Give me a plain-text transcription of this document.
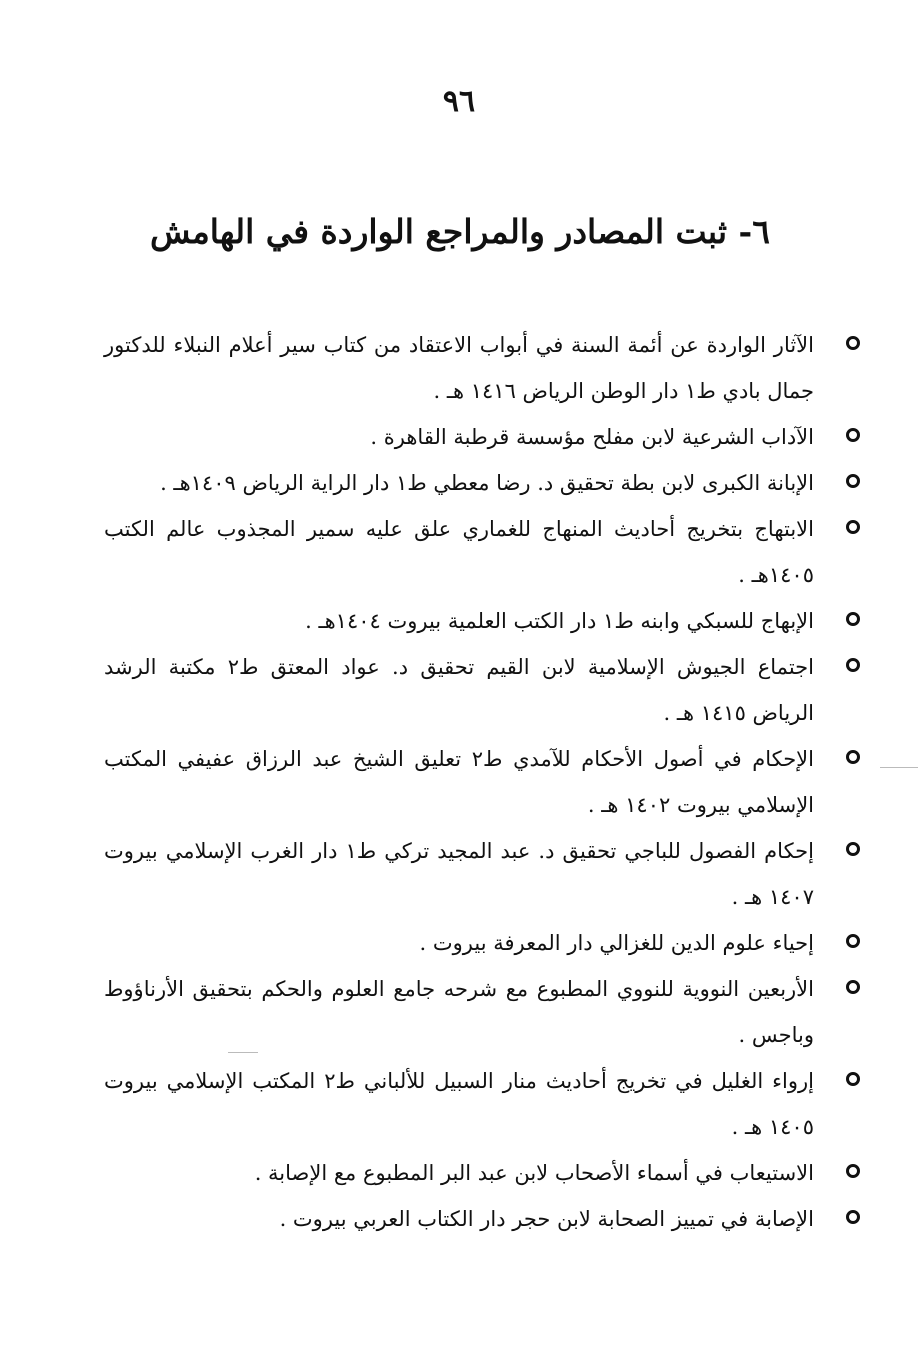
٩٦
٦- ثبت المصادر والمراجع الواردة في الهامش
الآثار الواردة عن أئمة السنة في أبواب الاعتقاد من كتاب سير أعلام النبلاء للدكتور جمال بادي ط١ دار الوطن الرياض ١٤١٦ هـ .
الآداب الشرعية لابن مفلح مؤسسة قرطبة القاهرة .
الإبانة الكبرى لابن بطة تحقيق د. رضا معطي ط١ دار الراية الرياض ١٤٠٩هـ .
الابتهاج بتخريج أحاديث المنهاج للغماري علق عليه سمير المجذوب عالم الكتب ١٤٠٥هـ .
الإبهاج للسبكي وابنه ط١ دار الكتب العلمية بيروت ١٤٠٤هـ .
اجتماع الجيوش الإسلامية لابن القيم تحقيق د. عواد المعتق ط٢ مكتبة الرشد الرياض ١٤١٥ هـ .
الإحكام في أصول الأحكام للآمدي ط٢ تعليق الشيخ عبد الرزاق عفيفي المكتب الإسلامي بيروت ١٤٠٢ هـ .
إحكام الفصول للباجي تحقيق د. عبد المجيد تركي ط١ دار الغرب الإسلامي بيروت ١٤٠٧ هـ .
إحياء علوم الدين للغزالي دار المعرفة بيروت .
الأربعين النووية للنووي المطبوع مع شرحه جامع العلوم والحكم بتحقيق الأرناؤوط وباجس .
إرواء الغليل في تخريج أحاديث منار السبيل للألباني ط٢ المكتب الإسلامي بيروت ١٤٠٥ هـ .
الاستيعاب في أسماء الأصحاب لابن عبد البر المطبوع مع الإصابة .
الإصابة في تمييز الصحابة لابن حجر دار الكتاب العربي بيروت .
